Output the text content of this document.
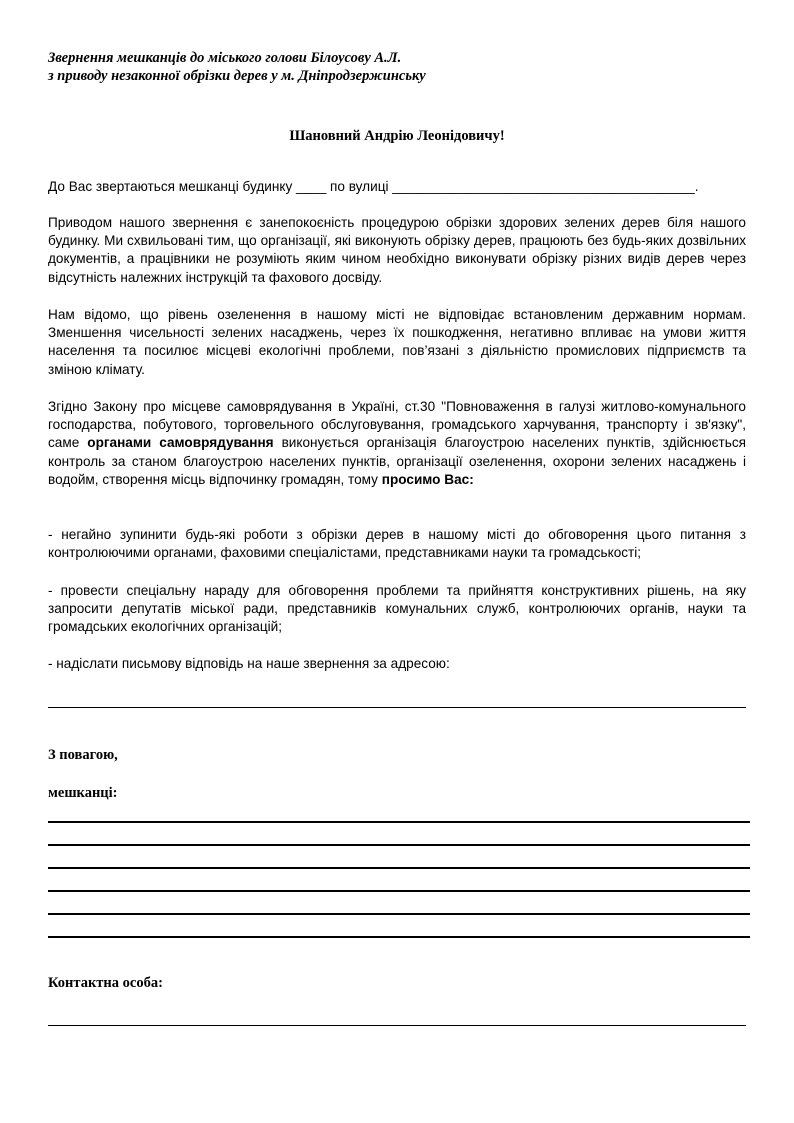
Звернення мешканців до міського голови Білоусову А.Л.
з приводу незаконної обрізки дерев у м. Дніпродзержинську
Шановний Андрію Леонідовичу!
До Вас звертаються мешканці будинку ____ по вулиці ________________________________________.
Приводом нашого звернення є занепокоєність процедурою обрізки здорових зелених дерев біля нашого будинку. Ми схвильовані тим, що організації, які виконують обрізку дерев, працюють без будь-яких дозвільних документів, а працівники не розуміють яким чином необхідно виконувати обрізку різних видів дерев через відсутність належних інструкцій та фахового досвіду.
Нам відомо, що рівень озеленення в нашому місті не відповідає встановленим державним нормам. Зменшення чисельності зелених насаджень, через їх пошкодження, негативно впливає на умови життя населення та посилює місцеві екологічні проблеми, пов’язані з діяльністю промислових підприємств та зміною клімату.
Згідно Закону про місцеве самоврядування в Україні, ст.30 "Повноваження в галузі житлово-комунального господарства, побутового, торговельного обслуговування, громадського харчування, транспорту і зв'язку", саме органами самоврядування виконується організація благоустрою населених пунктів, здійснюється контроль за станом благоустрою населених пунктів, організації озеленення, охорони зелених насаджень і водойм, створення місць відпочинку громадян, тому просимо Вас:
- негайно зупинити будь-які роботи з обрізки дерев в нашому місті до обговорення цього питання з контролюючими органами, фаховими спеціалістами, представниками науки та громадськості;
- провести спеціальну нараду для обговорення проблеми та прийняття конструктивних рішень, на яку запросити депутатів міської ради, представників комунальних служб, контролюючих органів, науки та громадських екологічних організацій;
- надіслати письмову відповідь на наше звернення за адресою:
З повагою,
мешканці:
Контактна особа:
